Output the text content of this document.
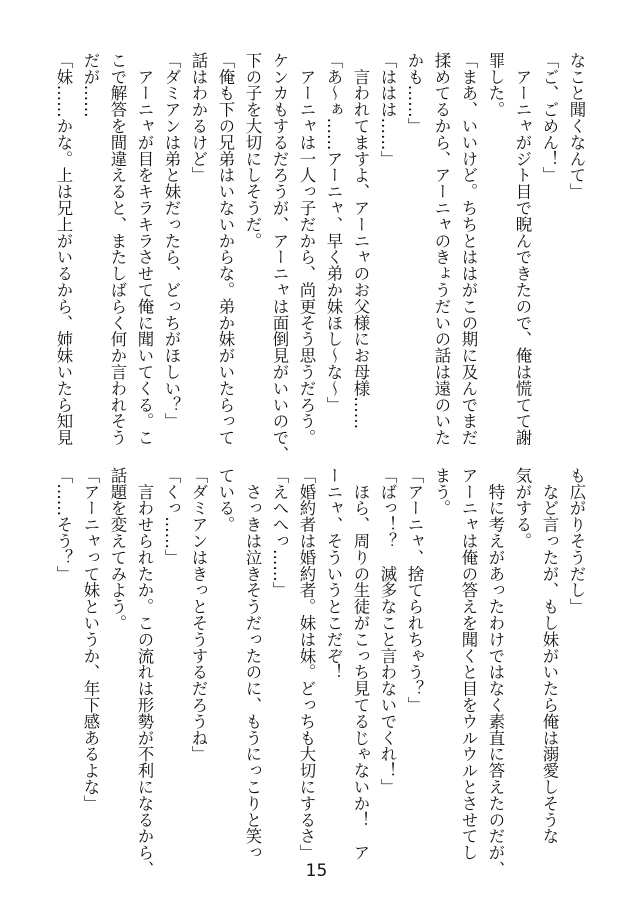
なこと聞くなんて」
「ご、ごめん！」
　アーニャがジト目で睨んできたので、俺は慌てて謝
罪した。
「まあ、いいけど。ちちとははがこの期に及んでまだ
揉めてるから、アーニャのきょうだいの話は遠のいた
かも……」
「ははは……」
　言われてますよ、アーニャのお父様にお母様……
「あ～ぁ……アーニャ、早く弟か妹ほし～な～」
　アーニャは一人っ子だから、尚更そう思うだろう。
ケンカもするだろうが、アーニャは面倒見がいいので、
下の子を大切にしそうだ。
「俺も下の兄弟はいないからな。弟か妹がいたらって
話はわかるけど」
「ダミアンは弟と妹だったら、どっちがほしい？」
　アーニャが目をキラキラさせて俺に聞いてくる。こ
こで解答を間違えると、またしばらく何か言われそう
だが……
「妹……かな。上は兄上がいるから、姉妹いたら知見
も広がりそうだし」
　など言ったが、もし妹がいたら俺は溺愛しそうな
気がする。
　特に考えがあったわけではなく素直に答えたのだが、
アーニャは俺の答えを聞くと目をウルウルとさせてし
まう。
「アーニャ、捨てられちゃう？」
「ばっ！？　滅多なこと言わないでくれ！」
　ほら、周りの生徒がこっち見てるじゃないか！　ア
ーニャ、そういうとこだぞ！
「婚約者は婚約者。妹は妹。どっちも大切にするさ」
「えへへっ……」
　さっきは泣きそうだったのに、もうにっこりと笑っ
ている。
「ダミアンはきっとそうするだろうね」
「くっ……」
　言わせられたか。この流れは形勢が不利になるから、
話題を変えてみよう。
「アーニャって妹というか、年下感あるよな」
「……そう？」
15
